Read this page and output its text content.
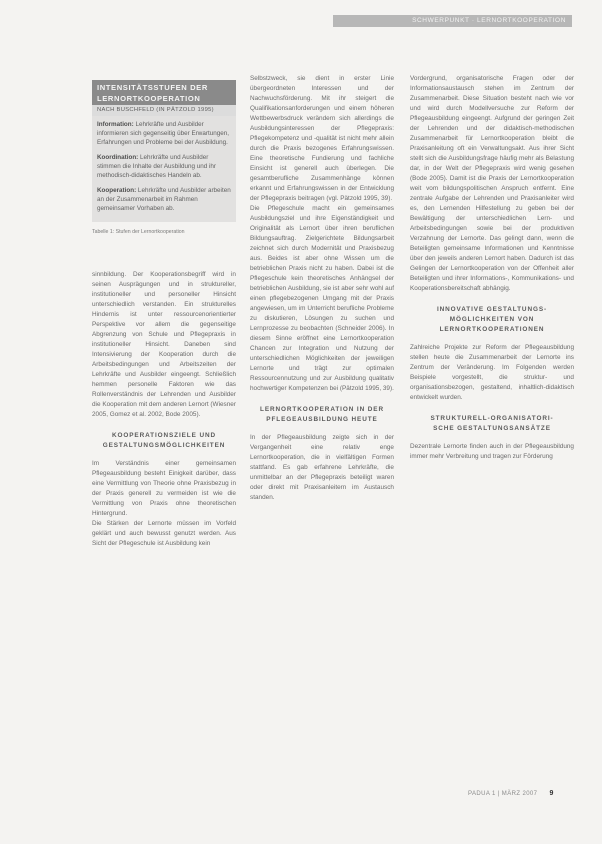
SCHWERPUNKT · LERNORTKOOPERATION
INTENSITÄTSSTUFEN DER
LERNORTKOOPERATION
NACH BUSCHFELD (IN PÄTZOLD 1995)
Information: Lehrkräfte und Ausbilder informieren sich gegenseitig über Erwartungen, Erfahrungen und Probleme bei der Ausbildung.
Koordination: Lehrkräfte und Ausbilder stimmen die Inhalte der Ausbildung und ihr methodisch-didaktisches Handeln ab.
Kooperation: Lehrkräfte und Ausbilder arbeiten an der Zusammenarbeit im Rahmen gemeinsamer Vorhaben ab.
Tabelle 1: Stufen der Lernortkooperation

sinnbildung. Der Kooperationsbegriff wird in seinen Ausprägungen und in struktureller, institutioneller und personeller Hinsicht unterschiedlich verstanden. Ein strukturelles Hindernis ist unter ressourcenorientierter Perspektive vor allem die gegenseitige Abgrenzung von Schule und Pflegepraxis in institutioneller Hinsicht. Daneben sind Intensivierung der Kooperation durch die Arbeitsbedingungen und Arbeitszeiten der Lehrkräfte und Ausbilder eingeengt. Schließlich hemmen personelle Faktoren wie das Rollenverständnis der Lehrenden und Ausbilder die Kooperation mit dem anderen Lernort (Wiesner 2005, Gomez et al. 2002, Bode 2005).

KOOPERATIONSZIELE UND
GESTALTUNGSMÖGLICHKEITEN

Im Verständnis einer gemeinsamen Pflegeausbildung besteht Einigkeit darüber, dass eine Vermittlung von Theorie ohne Praxisbezug in der Praxis generell zu vermeiden ist wie die Vermittlung von Praxis ohne theoretischen Hintergrund.

Die Stärken der Lernorte müssen im Vorfeld geklärt und auch bewusst genutzt werden. Aus Sicht der Pflegeschule ist Ausbildung kein

Selbstzweck, sie dient in erster Linie übergeordneten Interessen und der Nachwuchsförderung. Mit ihr steigert die Qualifikationsanforderungen und einem höheren Wettbewerbsdruck verändern sich allerdings die Ausbildungsinteressen der Pflegepraxis: Pflegekompetenz und -qualität ist nicht mehr allein durch die Praxis bezogenes Erfahrungswissen. Eine theoretische Fundierung und fachliche Einsicht ist generell auch überlegen. Die gesamtberufliche Zusammenhänge können erkannt und Erfahrungswissen in der Entwicklung der Pflegepraxis beitragen (vgl. Pätzold 1995, 39).

Die Pflegeschule macht ein gemeinsames Ausbildungsziel und ihre Eigenständigkeit und Originalität als Lernort über ihren beruflichen Bildungsauftrag. Zielgerichtete Bildungsarbeit zeichnet sich durch Modernität und Praxisbezug aus. Beides ist aber ohne Wissen um die betrieblichen Praxis nicht zu haben. Dabei ist die Pflegeschule kein theoretisches Anhängsel der betrieblichen Ausbildung, sie ist aber sehr wohl auf einen pflegebezogenen Umgang mit der Praxis angewiesen, um im Unterricht berufliche Probleme zu diskutieren, Lösungen zu suchen und Lernprozesse zu beobachten (Schneider 2006). In diesem Sinne eröffnet eine Lernortkooperation Chancen zur Integration und Nutzung der unterschiedlichen Möglichkeiten der jeweiligen Lernorte und trägt zur optimalen Ressourcennutzung und zur Ausbildung qualitativ hochwertiger Kompetenzen bei (Pätzold 1995, 39).

LERNORTKOOPERATION IN DER
PFLEGEAUSBILDUNG HEUTE

In der Pflegeausbildung zeigte sich in der Vergangenheit eine relativ enge Lernortkooperation, die in vielfältigen Formen stattfand. Es gab erfahrene Lehrkräfte, die unmittelbar an der Pflegepraxis beteiligt waren oder direkt mit Praxisanleitern im Austausch standen.

Vordergrund, organisatorische Fragen oder der Informationsaustausch stehen im Zentrum der Zusammenarbeit. Diese Situation besteht nach wie vor und wird durch Modellversuche zur Reform der Pflegeausbildung eingeengt. Aufgrund der geringen Zeit der Lehrenden und der didaktisch-methodischen Zusammenarbeit für Lernortkooperation bleibt die Praxisanleitung oft ein Verwaltungsakt. Aus ihrer Sicht stellt sich die Ausbildungsfrage häufig mehr als Belastung dar, in der Welt der Pflegepraxis wird wenig gesehen (Bode 2005). Damit ist die Praxis der Lernortkooperation weit vom bildungspolitischen Anspruch entfernt. Eine zentrale Aufgabe der Lehrenden und Praxisanleiter wird es, den Lernenden Hilfestellung zu geben bei der Bewältigung der unterschiedlichen Lern- und Arbeitsbedingungen sowie bei der produktiven Verzahnung der Lernorte. Das gelingt dann, wenn die Beteiligten gemeinsame Informationen und Kenntnisse über den jeweils anderen Lernort haben. Dadurch ist das Gelingen der Lernortkooperation von der Offenheit aller Beteiligten und ihrer Informations-, Kommunikations- und Kooperationsbereitschaft abhängig.

INNOVATIVE GESTALTUNGS-
MÖGLICHKEITEN VON
LERNORTKOOPERATIONEN

Zahlreiche Projekte zur Reform der Pflegeausbildung stellen heute die Zusammenarbeit der Lernorte ins Zentrum der Veränderung. Im Folgenden werden Beispiele vorgestellt, die struktur- und organisationsbezogen, gestaltend, inhaltlich-didaktisch entwickelt wurden.

STRUKTURELL-ORGANISATORI-
SCHE GESTALTUNGSANSÄTZE

Dezentrale Lernorte finden auch in der Pflegeausbildung immer mehr Verbreitung und tragen zur Förderung

PADUA 1 | MÄRZ 2007 9
